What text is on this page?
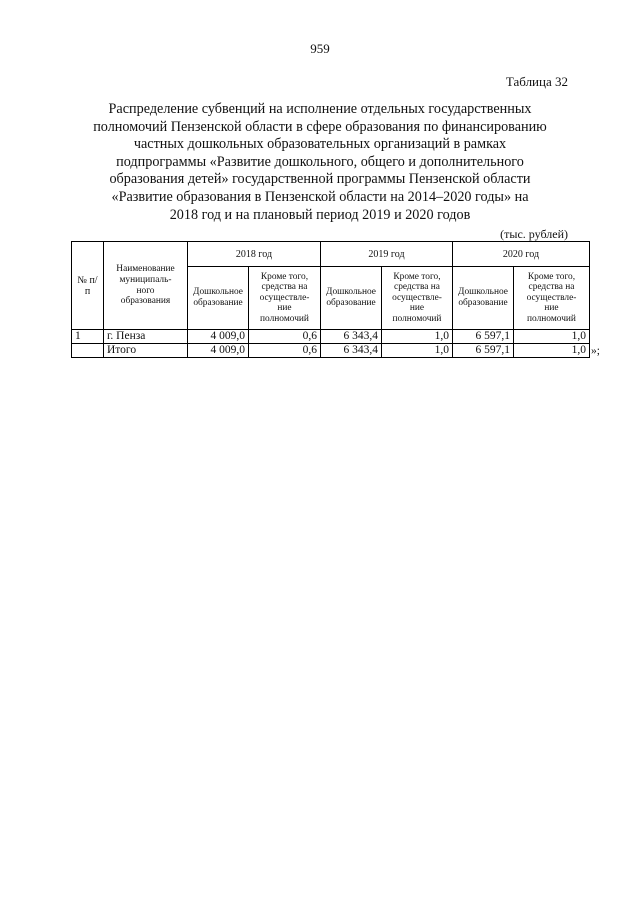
959
Таблица 32
Распределение субвенций на исполнение отдельных государственных
полномочий Пензенской области в сфере образования по финансированию
частных дошкольных образовательных организаций в рамках
подпрограммы «Развитие дошкольного, общего и дополнительного
образования детей» государственной программы Пензенской области
«Развитие образования в Пензенской области на 2014–2020 годы» на
2018 год и на плановый период 2019 и 2020 годов
(тыс. рублей)
№ п/п	Наименование
муниципаль-
ного
образования	2018 год		2019 год		2020 год	
		Дошкольное
образование	Кроме того,
средства на
осуществле-
ние
полномочий	Дошкольное
образование	Кроме того,
средства на
осуществле-
ние
полномочий	Дошкольное
образование	Кроме того,
средства на
осуществле-
ние
полномочий
1	г. Пенза	4 009,0	0,6	6 343,4	1,0	6 597,1	1,0
	Итого	4 009,0	0,6	6 343,4	1,0	6 597,1	1,0 »;
